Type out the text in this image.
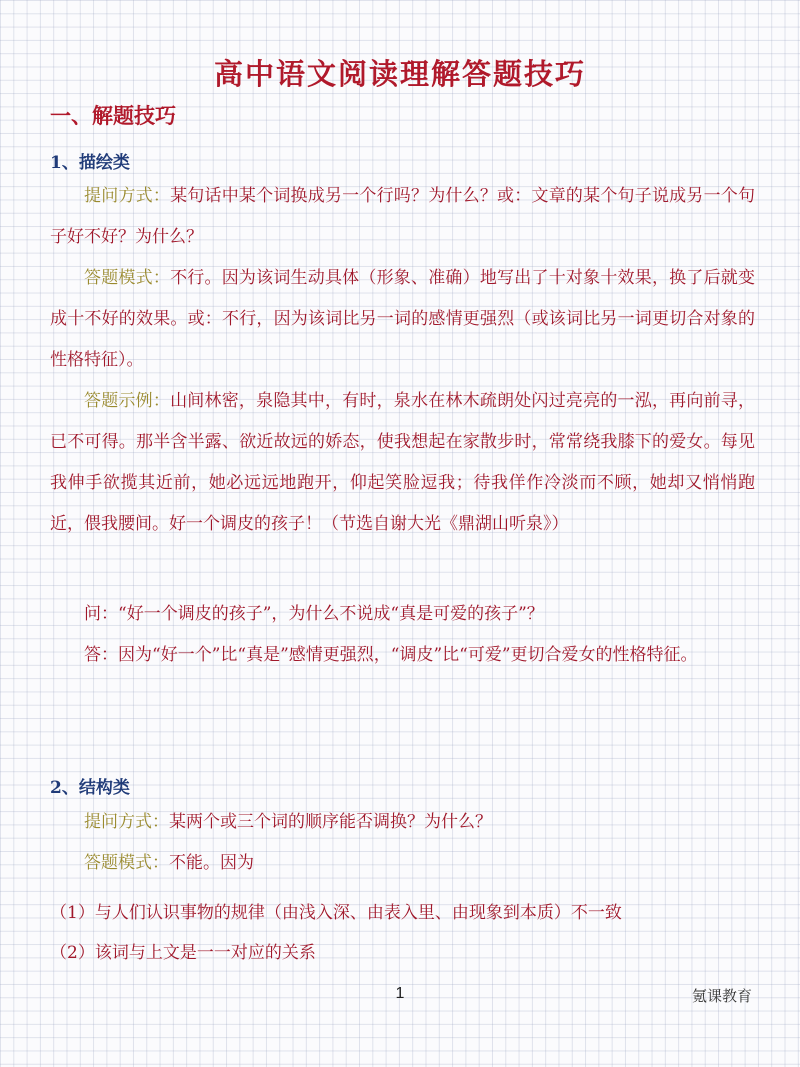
高中语文阅读理解答题技巧
一、解题技巧
1、描绘类

提问方式：某句话中某个词换成另一个行吗？为什么？或：文章的某个句子说成另一个句子好不好？为什么？

答题模式：不行。因为该词生动具体（形象、准确）地写出了十对象十效果，换了后就变成十不好的效果。或：不行，因为该词比另一词的感情更强烈（或该词比另一词更切合对象的性格特征）。

答题示例：山间林密，泉隐其中，有时，泉水在林木疏朗处闪过亮亮的一泓，再向前寻，已不可得。那半含半露、欲近故远的娇态，使我想起在家散步时，常常绕我膝下的爱女。每见我伸手欲揽其近前，她必远远地跑开，仰起笑脸逗我；待我佯作冷淡而不顾，她却又悄悄跑近，偎我腰间。好一个调皮的孩子！（节选自谢大光《鼎湖山听泉》）

问：“好一个调皮的孩子”，为什么不说成“真是可爱的孩子”？

答：因为“好一个”比“真是”感情更强烈，“调皮”比“可爱”更切合爱女的性格特征。

2、结构类

提问方式：某两个或三个词的顺序能否调换？为什么？

答题模式：不能。因为

（1）与人们认识事物的规律（由浅入深、由表入里、由现象到本质）不一致
（2）该词与上文是一一对应的关系
1	氪课教育
